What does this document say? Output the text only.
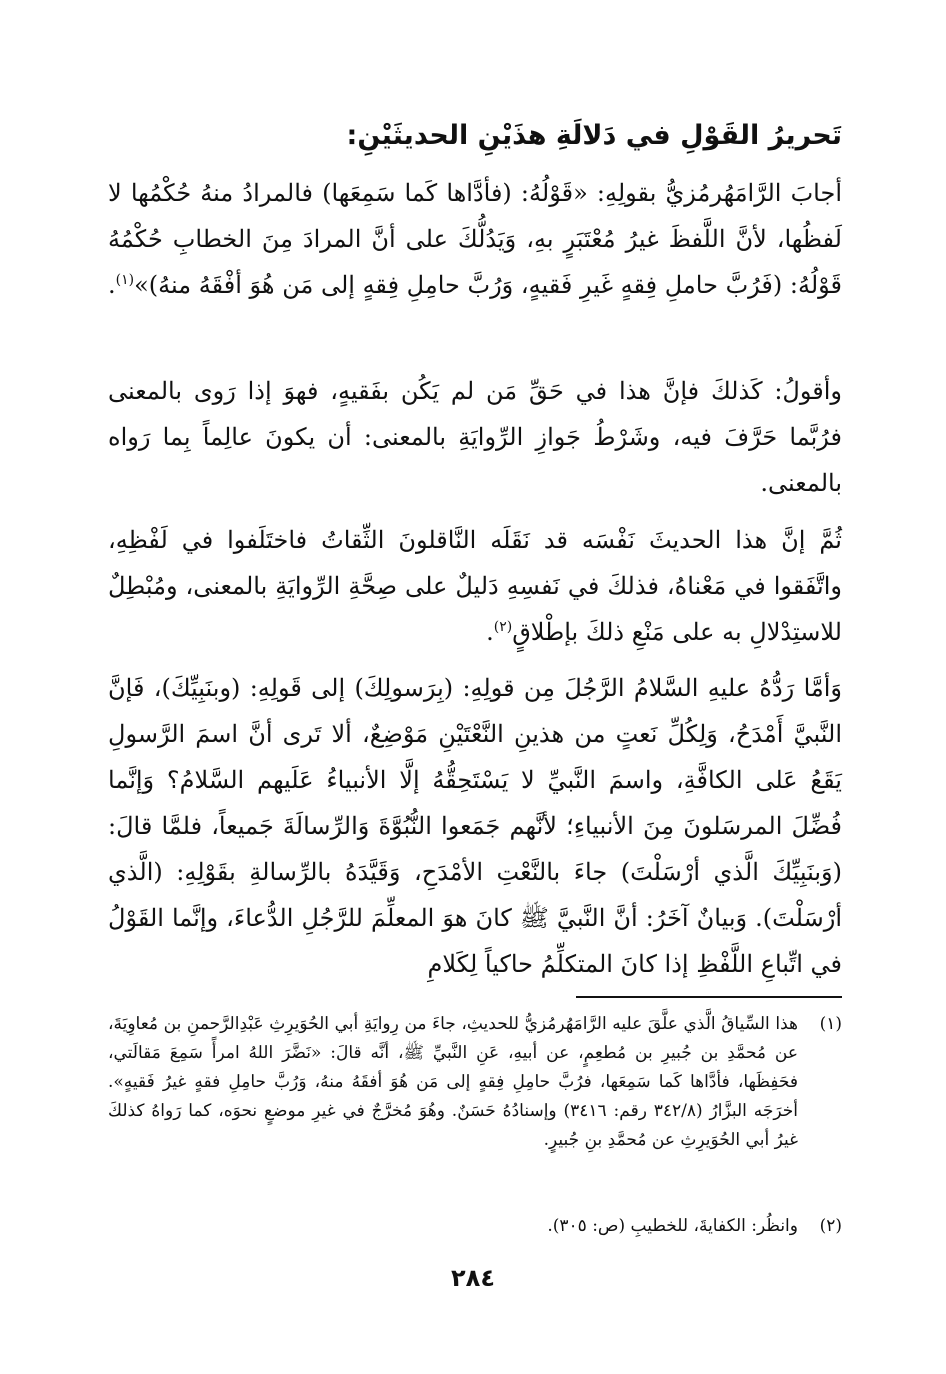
تَحريرُ القَوْلِ في دَلالَةِ هذَيْنِ الحديثَيْنِ:

أجابَ الرَّامَهُرمُزيُّ بقولِهِ: «قَوْلُهُ: (فأدَّاها كَما سَمِعَها) فالمرادُ منهُ حُكْمُها لا لَفظُها، لأنَّ اللَّفظَ غيرُ مُعْتَبَرٍ بهِ، وَيَدُلُّكَ على أنَّ المرادَ مِنَ الخطابِ حُكْمُهُ قَوْلُهُ: (فَرُبَّ حاملِ فِقهٍ غَيرِ فَقيهٍ، وَرُبَّ حامِلِ فِقهٍ إلى مَن هُوَ أفْقَهُ منهُ)»$^{(١)}$.

وأقولُ: كَذلكَ فإنَّ هذا في حَقِّ مَن لم يَكُن بفَقيهٍ، فهوَ إذا رَوى بالمعنى فرُبَّما حَرَّفَ فيه، وشَرْطُ جَوازِ الرِّوايَةِ بالمعنى: أن يكونَ عالِماً بِما رَواه بالمعنى.

ثُمَّ إنَّ هذا الحديثَ نَفْسَه قد نَقَلَه النَّاقلونَ الثِّقاتُ فاختَلَفوا في لَفْظِهِ، واتَّفَقوا في مَعْناهُ، فذلكَ في نَفسِهِ دَليلٌ على صِحَّةِ الرِّوايَةِ بالمعنى، ومُبْطِلٌ للاستِدْلالِ به على مَنْعِ ذلكَ بإطْلاقٍ$^{(٢)}$.

وَأمَّا رَدُّهُ عليهِ السَّلامُ الرَّجُلَ مِن قولِهِ: (بِرَسولِكَ) إلى قَولِهِ: (وبنَبِيِّكَ)، فَإنَّ النَّبيَّ أَمْدَحُ، وَلِكُلِّ نَعتٍ من هذينِ النَّعْتَيْنِ مَوْضِعٌ، ألا تَرى أنَّ اسمَ الرَّسولِ يَقَعُ عَلى الكافَّةِ، واسمَ النَّبيِّ لا يَسْتَحِقُّهُ إلَّا الأنبياءُ عَلَيهم السَّلامُ؟ وَإنَّما فُضِّلَ المرسَلونَ مِنَ الأنبياءِ؛ لأنَّهم جَمَعوا النُّبُوَّةَ وَالرِّسالَةَ جَميعاً، فلمَّا قالَ: (وَبنَبِيِّكَ الَّذي أرْسَلْتَ) جاءَ بالنَّعْتِ الأمْدَحِ، وَقَيَّدَهُ بالرِّسالةِ بقَوْلِهِ: (الَّذي أرْسَلْتَ). وَبيانٌ آخَرُ: أنَّ النَّبيَّ ﷺ كانَ هوَ المعلِّمَ للرَّجُلِ الدُّعاءَ، وإنَّما القَوْلُ في اتِّباعِ اللَّفْظِ إذا كانَ المتكلِّمُ حاكياً لِكَلامِ

(١)
هذا السِّياقُ الَّذي علَّقَ عليه الرَّامَهُرمُزيُّ للحديثِ، جاءَ من رِوايَةِ أبي الحُوَيرِثِ عَبْدِالرَّحمنِ بن مُعاوِيَةَ، عن مُحمَّدِ بن جُبيرِ بن مُطعِمٍ، عن أبيهِ، عَنِ النَّبيِّ ﷺ، أنَّه قالَ: «نَضَّرَ اللهُ امرأً سَمِعَ مَقالَتي، فحَفِظَها، فأدَّاها كَما سَمِعَها، فرُبَّ حامِلِ فِقهٍ إلى مَن هُوَ أفقَهُ منهُ، وَرُبَّ حامِلِ فقهٍ غيرُ فَقيهٍ». أخرَجَه البزَّارُ (٣٤٢/٨ رقم: ٣٤١٦) وإسنادُهُ حَسَنٌ. وهُوَ مُخرَّجٌ في غيرِ موضعٍ نحوَه، كما رَواهُ كذلكَ غيرُ أبي الحُوَيرِثِ عن مُحمَّدِ بنِ جُبيرٍ.
(٢)
وانظُر: الكفايةَ، للخطيبِ (ص: ٣٠٥).
٢٨٤
